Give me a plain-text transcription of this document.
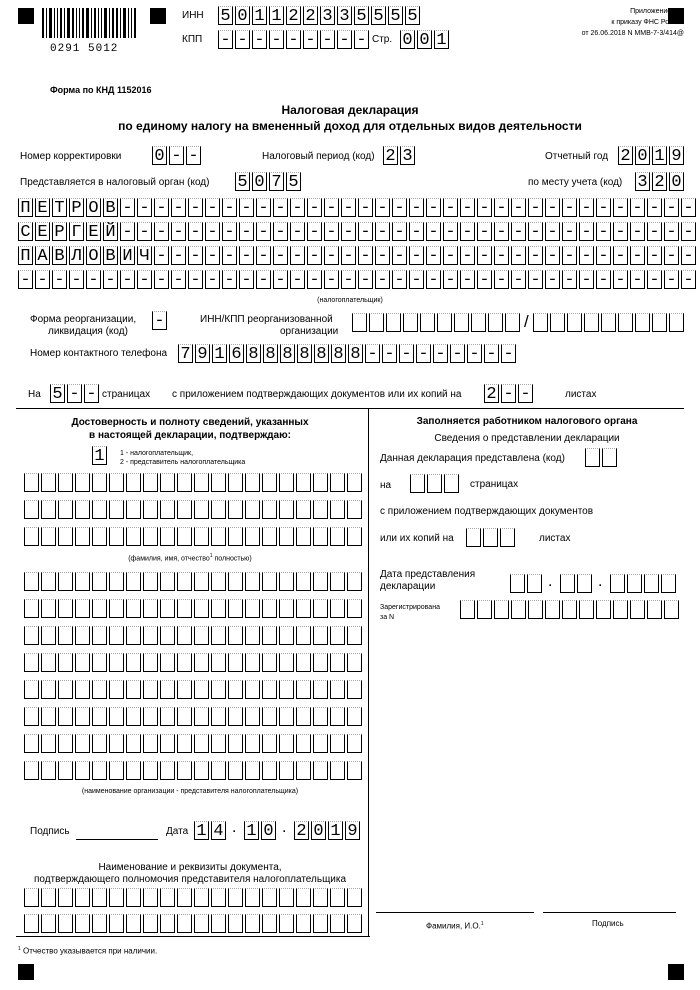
0291 5012
ИНН 5 0 1 1 2 2 3 3 5 5 5 5
КПП - - - - - - - - - Стр. 0 0 1
Приложение N 1
к приказу ФНС России
от 26.06.2018 N ММВ-7-3/414@
Форма по КНД 1152016
Налоговая декларация
по единому налогу на вмененный доход для отдельных видов деятельности
Номер корректировки 0 - -	Налоговый период (код) 2 3	Отчетный год 2 0 1 9
Представляется в налоговый орган (код) 5 0 7 5	по месту учета (код) 3 2 0
П Е Т Р О В - - - - - - - - - - - - - - - - - - - - - - - - - - - - - - - - - -
С Е Р Г Е Й - - - - - - - - - - - - - - - - - - - - - - - - - - - - - - - - - -
П А В Л О В И Ч - - - - - - - - - - - - - - - - - - - - - - - - - - - - - - - -
- - - - - - - - - - - - - - - - - - - - - - - - - - - - - - - - - - - - - - - -
(налогоплательщик)
Форма реорганизации,
ликвидация (код)
-	ИНН/КПП реорганизованной
организации
/
Номер контактного телефона 7 9 1 6 8 8 8 8 8 8 8 - - - - - - - - -
На 5 - - страницах с приложением подтверждающих документов или их копий на 2 - -	листах
Достоверность и полноту сведений, указанных
в настоящей декларации, подтверждаю:
1	1 - налогоплательщик,
2 - представитель налогоплательщика
(фамилия, имя, отчество$^1$ полностью)
(наименование организации - представителя налогоплательщика)
Подпись	Дата 1 4 . 1 0 . 2 0 1 9
Наименование и реквизиты документа,
подтверждающего полномочия представителя налогоплательщика
Заполняется работником налогового органа
Сведения о представлении декларации
Данная декларация представлена (код)
на	страницах
с приложением подтверждающих документов
или их копий на	листах
Дата представления
декларации	.	.
Зарегистрирована
за N
Фамилия, И.О.$^1$	Подпись
$^1$ Отчество указывается при наличии.
